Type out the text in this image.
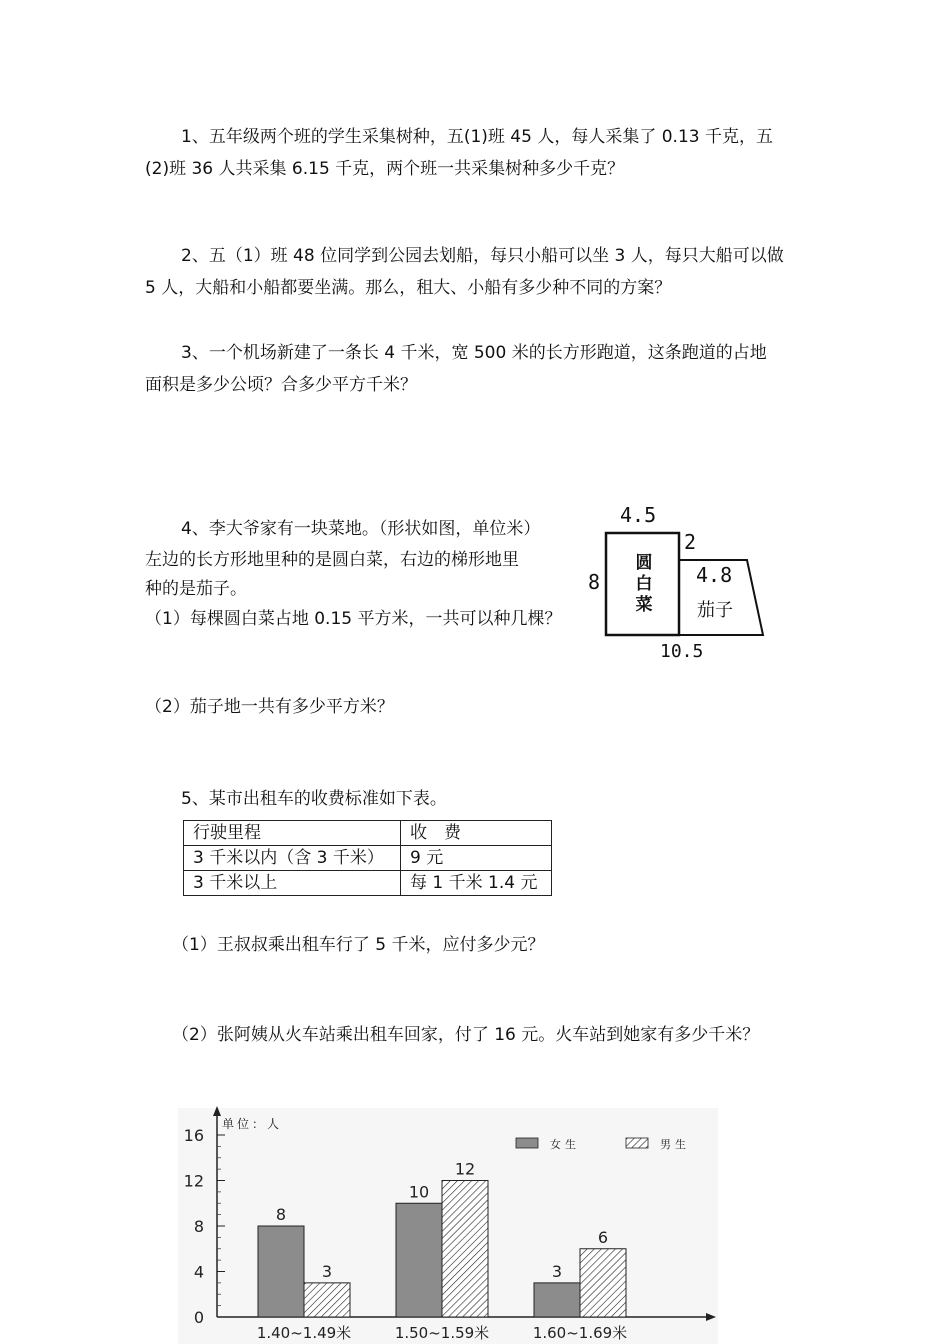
1、五年级两个班的学生采集树种，五(1)班 45 人，每人采集了 0.13 千克，五
(2)班 36 人共采集 6.15 千克，两个班一共采集树种多少千克？
2、五（1）班 48 位同学到公园去划船，每只小船可以坐 3 人，每只大船可以做
5 人，大船和小船都要坐满。那么，租大、小船有多少种不同的方案？
3、一个机场新建了一条长 4 千米，宽 500 米的长方形跑道，这条跑道的占地
面积是多少公顷？合多少平方千米？
4、李大爷家有一块菜地。（形状如图，单位米）
左边的长方形地里种的是圆白菜，右边的梯形地里
种的是茄子。
（1）每棵圆白菜占地 0.15 平方米，一共可以种几棵？
（2）茄子地一共有多少平方米？
4.5
2
8	4.8
10.5
圆
白
菜 茄子
5、某市出租车的收费标准如下表。
行驶里程	收　费
3 千米以内（含 3 千米）	9 元
3 千米以上	每 1 千米 1.4 元
（1）王叔叔乘出租车行了 5 千米，应付多少元？
（2）张阿姨从火车站乘出租车回家，付了 16 元。火车站到她家有多少千米？
0
4
8
12
16
单位：人
女生	男生
8
3
1.40~1.49米
10
12
1.50~1.59米
3
6
1.60~1.69米
